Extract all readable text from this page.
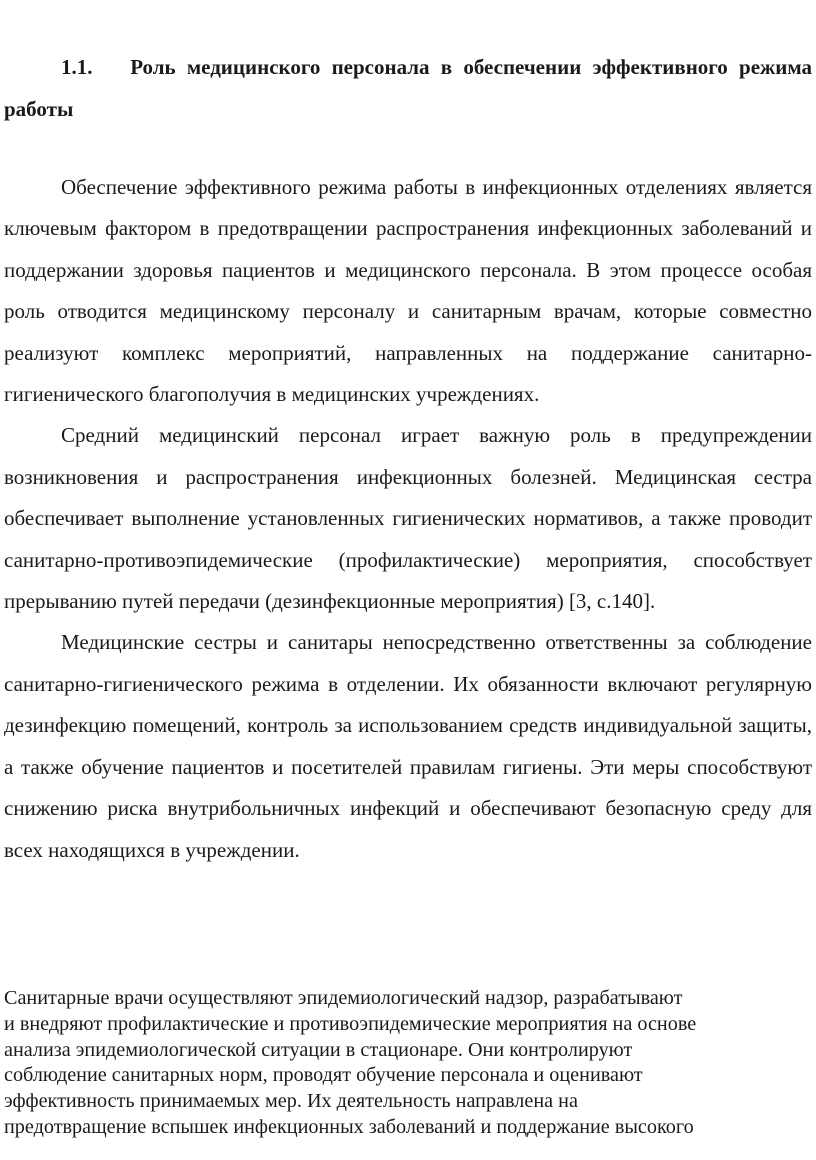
1.1. Роль медицинского персонала в обеспечении эффективного режима работы

Обеспечение эффективного режима работы в инфекционных отделениях является ключевым фактором в предотвращении распространения инфекционных заболеваний и поддержании здоровья пациентов и медицинского персонала. В этом процессе особая роль отводится медицинскому персоналу и санитарным врачам, которые совместно реализуют комплекс мероприятий, направленных на поддержание санитарно-гигиенического благополучия в медицинских учреждениях.

Средний медицинский персонал играет важную роль в предупреждении возникновения и распространения инфекционных болезней. Медицинская сестра обеспечивает выполнение установленных гигиенических нормативов, а также проводит санитарно-противоэпидемические (профилактические) мероприятия, способствует прерыванию путей передачи (дезинфекционные мероприятия) [3, с.140].

Медицинские сестры и санитары непосредственно ответственны за соблюдение санитарно-гигиенического режима в отделении. Их обязанности включают регулярную дезинфекцию помещений, контроль за использованием средств индивидуальной защиты, а также обучение пациентов и посетителей правилам гигиены. Эти меры способствуют снижению риска внутрибольничных инфекций и обеспечивают безопасную среду для всех находящихся в учреждении.

Санитарные врачи осуществляют эпидемиологический надзор, разрабатывают

и внедряют профилактические и противоэпидемические мероприятия на основе

анализа эпидемиологической ситуации в стационаре. Они контролируют

соблюдение санитарных норм, проводят обучение персонала и оценивают

эффективность принимаемых мер. Их деятельность направлена на

предотвращение вспышек инфекционных заболеваний и поддержание высокого
